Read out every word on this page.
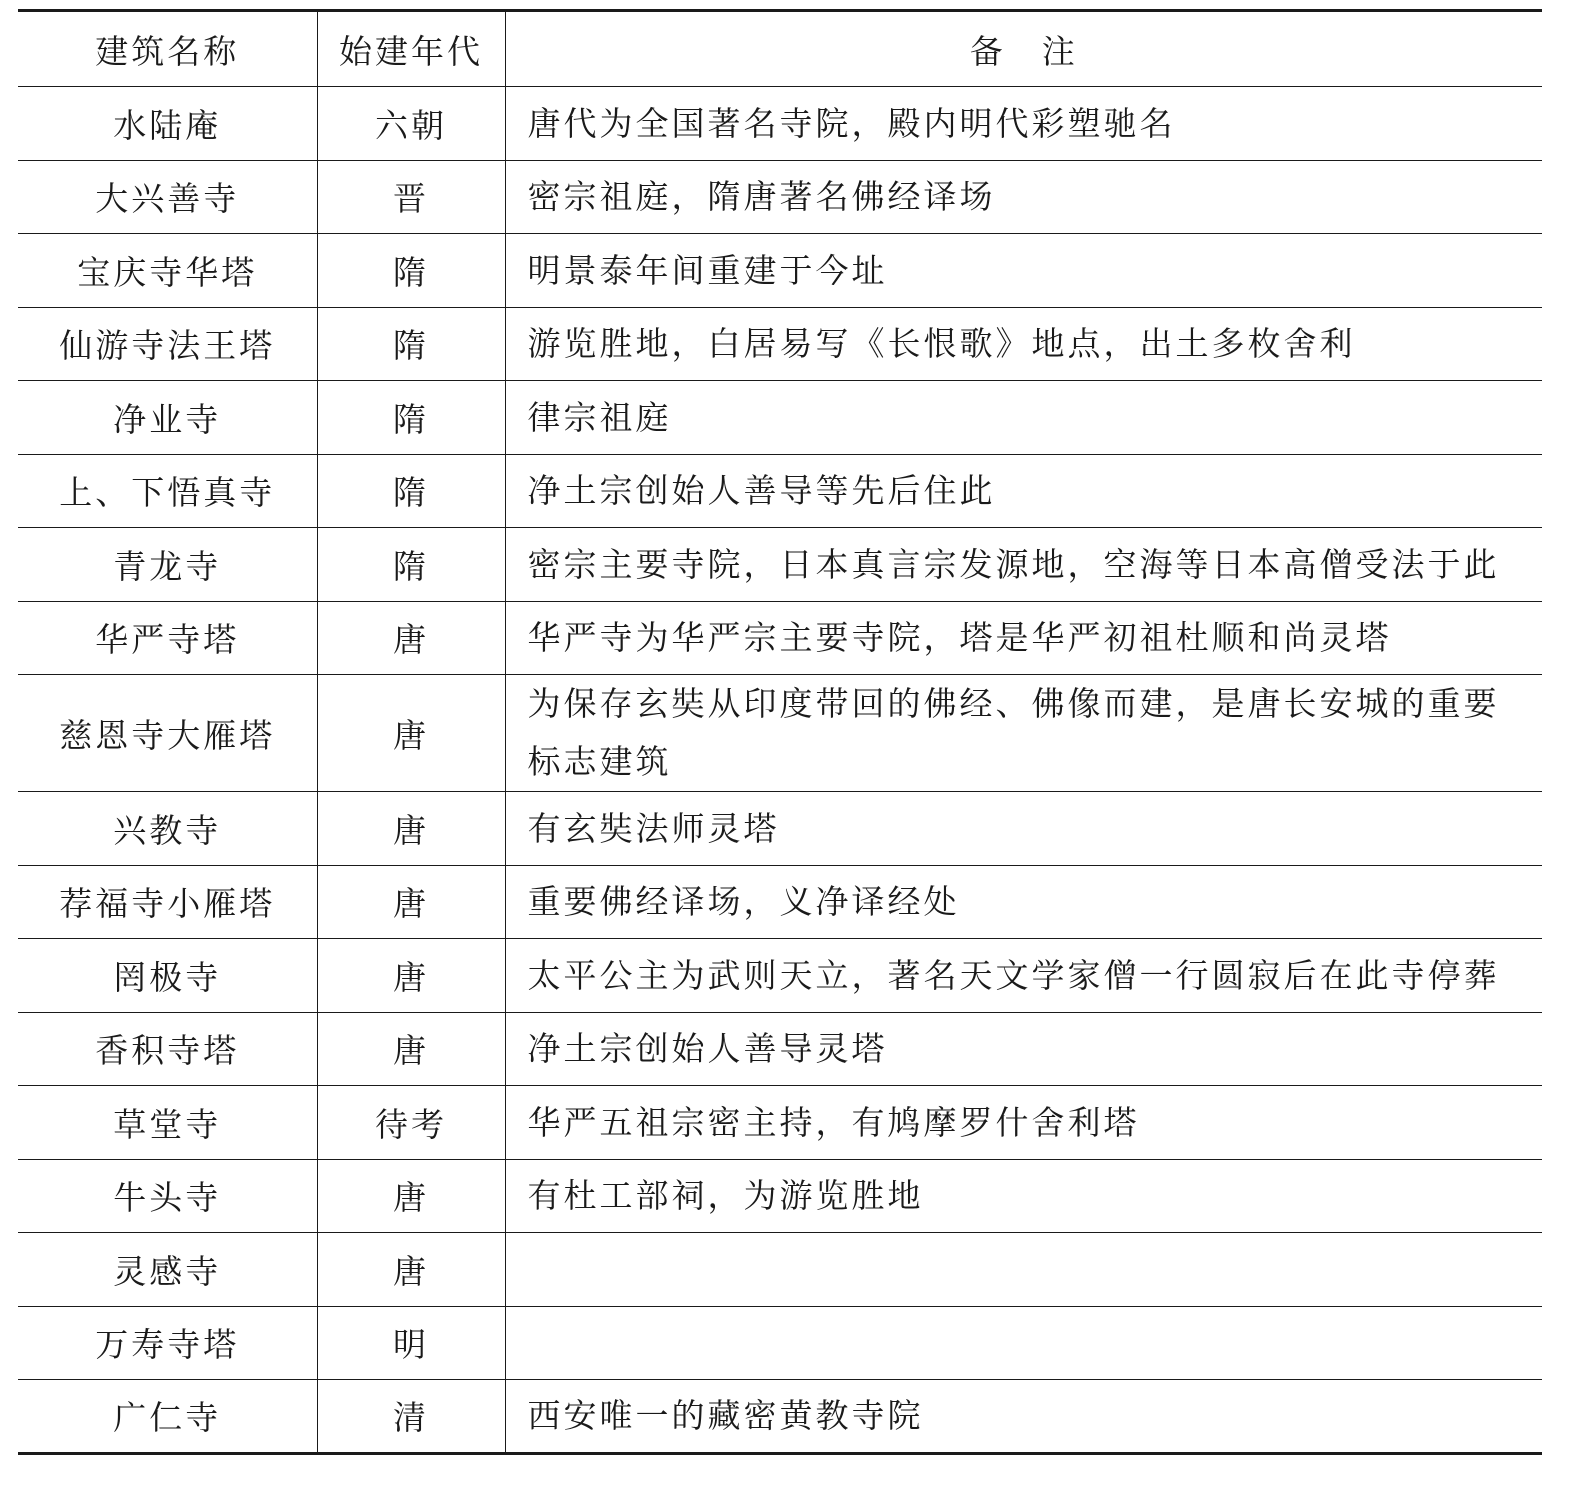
建筑名称	始建年代	备　注
水陆庵	六朝	唐代为全国著名寺院，殿内明代彩塑驰名
大兴善寺	晋	密宗祖庭，隋唐著名佛经译场
宝庆寺华塔	隋	明景泰年间重建于今址
仙游寺法王塔	隋	游览胜地，白居易写《长恨歌》地点，出土多枚舍利
净业寺	隋	律宗祖庭
上、下悟真寺	隋	净土宗创始人善导等先后住此
青龙寺	隋	密宗主要寺院，日本真言宗发源地，空海等日本高僧受法于此
华严寺塔	唐	华严寺为华严宗主要寺院，塔是华严初祖杜顺和尚灵塔
慈恩寺大雁塔	唐	为保存玄奘从印度带回的佛经、佛像而建，是唐长安城的重要标志建筑
兴教寺	唐	有玄奘法师灵塔
荐福寺小雁塔	唐	重要佛经译场，义净译经处
罔极寺	唐	太平公主为武则天立，著名天文学家僧一行圆寂后在此寺停葬
香积寺塔	唐	净土宗创始人善导灵塔
草堂寺	待考	华严五祖宗密主持，有鸠摩罗什舍利塔
牛头寺	唐	有杜工部祠，为游览胜地
灵感寺	唐	
万寿寺塔	明	
广仁寺	清	西安唯一的藏密黄教寺院
